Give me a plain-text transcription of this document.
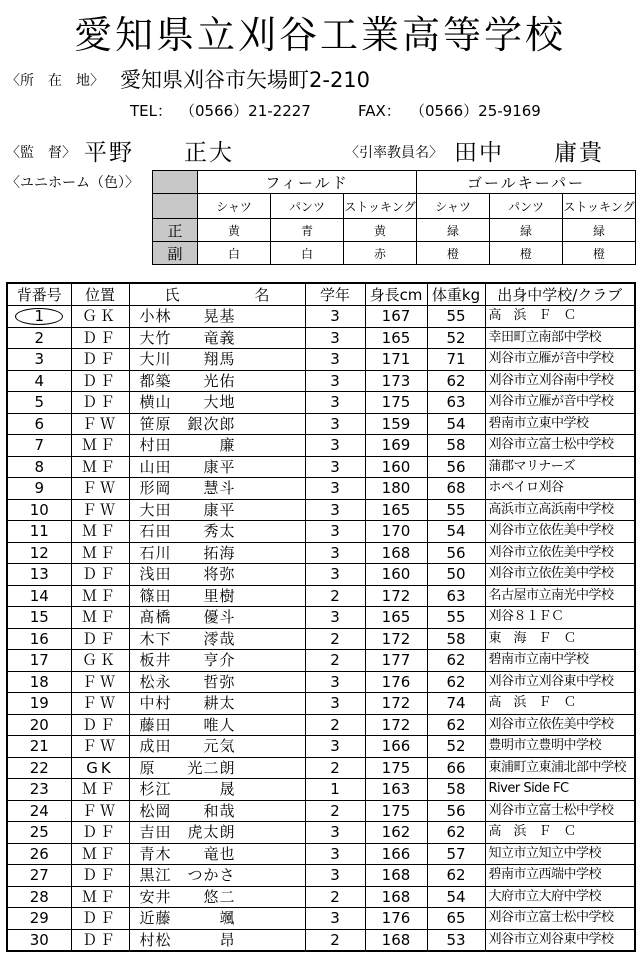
愛知県立刈谷工業高等学校
〈所　在　地〉 愛知県刈谷市矢場町2-210
TEL： （0566）21-2227	FAX： （0566）25-9169
〈監　督〉 平野　　正大	〈引率教員名〉 田中　　庸貴
〈ユニホーム（色）〉
		フィールド			ゴールキーパー		
	シャツ	パンツ	ストッキング	シャツ	パンツ	ストッキング
正	黄	青	黄	緑	緑	緑
副	白	白	赤	橙	橙	橙
背番号	位置	氏　　　　　名	学年	身長cm	体重kg	出身中学校/クラブ
1	ＧＫ	小林　　晃基	3	167	55	高　浜　Ｆ　Ｃ
2	ＤＦ	大竹　　竜義	3	165	52	幸田町立南部中学校
3	ＤＦ	大川　　翔馬	3	171	71	刈谷市立雁が音中学校
4	ＤＦ	都築　　光佑	3	173	62	刈谷市立刈谷南中学校
5	ＤＦ	横山　　大地	3	175	63	刈谷市立雁が音中学校
6	ＦＷ	笹原　銀次郎	3	159	54	碧南市立東中学校
7	ＭＦ	村田　　　廉	3	169	58	刈谷市立富士松中学校
8	ＭＦ	山田　　康平	3	160	56	蒲郡マリナーズ
9	ＦＷ	形岡　　慧斗	3	180	68	ホペイロ刈谷
10	ＦＷ	大田　　康平	3	165	55	高浜市立高浜南中学校
11	ＭＦ	石田　　秀太	3	170	54	刈谷市立依佐美中学校
12	ＭＦ	石川　　拓海	3	168	56	刈谷市立依佐美中学校
13	ＤＦ	浅田　　将弥	3	160	50	刈谷市立依佐美中学校
14	ＭＦ	篠田　　里樹	2	172	63	名古屋市立南光中学校
15	ＭＦ	髙橋　　優斗	3	165	55	刈谷８１ＦＣ
16	ＤＦ	木下　　澪哉	2	172	58	東　海　Ｆ　Ｃ
17	ＧＫ	板井　　亨介	2	177	62	碧南市立南中学校
18	ＦＷ	松永　　哲弥	3	176	62	刈谷市立刈谷東中学校
19	ＦＷ	中村　　耕太	3	172	74	高　浜　Ｆ　Ｃ
20	ＤＦ	藤田　　唯人	2	172	62	刈谷市立依佐美中学校
21	ＦＷ	成田　　元気	3	166	52	豊明市立豊明中学校
22	GK	原　　光二朗	2	175	66	東浦町立東浦北部中学校
23	ＭＦ	杉江　　　晟	1	163	58	River Side FC
24	ＦＷ	松岡　　和哉	2	175	56	刈谷市立富士松中学校
25	ＤＦ	吉田　虎太朗	3	162	62	高　浜　Ｆ　Ｃ
26	ＭＦ	青木　　竜也	3	166	57	知立市立知立中学校
27	ＤＦ	黒江　つかさ	3	168	62	碧南市立西端中学校
28	ＭＦ	安井　　悠二	2	168	54	大府市立大府中学校
29	ＤＦ	近藤　　　颯	3	176	65	刈谷市立富士松中学校
30	ＤＦ	村松　　　昂	2	168	53	刈谷市立刈谷東中学校
